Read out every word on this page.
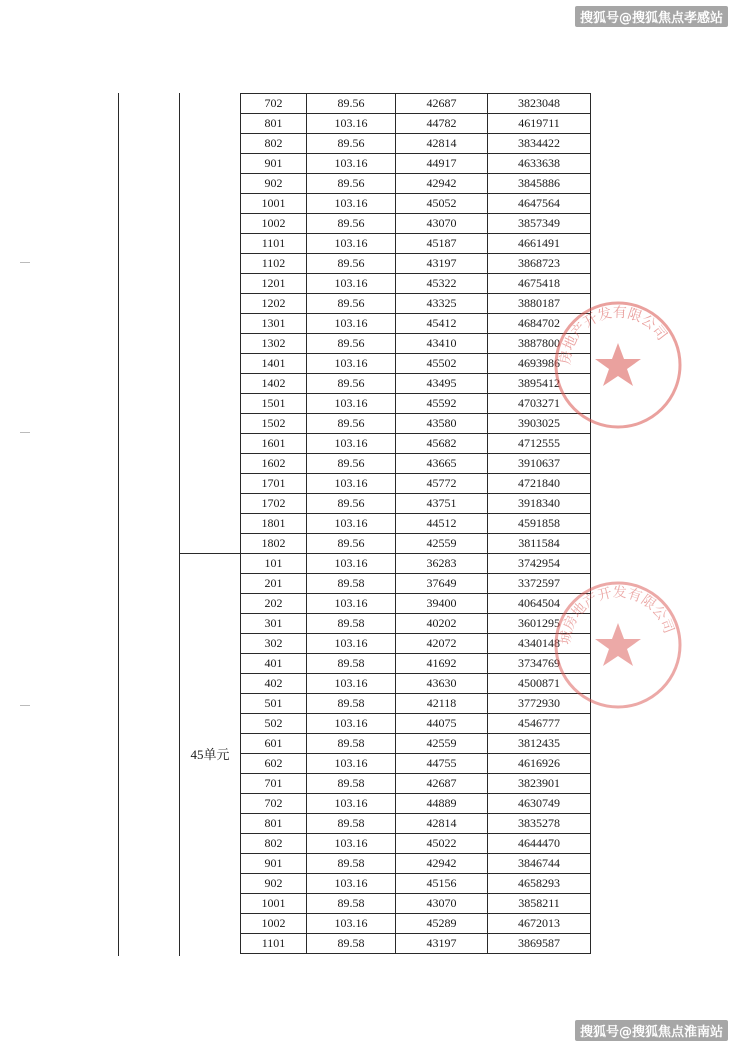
搜狐号@搜狐焦点孝感站
45单元
702	89.56	42687	3823048
801	103.16	44782	4619711
802	89.56	42814	3834422
901	103.16	44917	4633638
902	89.56	42942	3845886
1001	103.16	45052	4647564
1002	89.56	43070	3857349
1101	103.16	45187	4661491
1102	89.56	43197	3868723
1201	103.16	45322	4675418
1202	89.56	43325	3880187
1301	103.16	45412	4684702
1302	89.56	43410	3887800
1401	103.16	45502	4693986
1402	89.56	43495	3895412
1501	103.16	45592	4703271
1502	89.56	43580	3903025
1601	103.16	45682	4712555
1602	89.56	43665	3910637
1701	103.16	45772	4721840
1702	89.56	43751	3918340
1801	103.16	44512	4591858
1802	89.56	42559	3811584
101	103.16	36283	3742954
201	89.58	37649	3372597
202	103.16	39400	4064504
301	89.58	40202	3601295
302	103.16	42072	4340148
401	89.58	41692	3734769
402	103.16	43630	4500871
501	89.58	42118	3772930
502	103.16	44075	4546777
601	89.58	42559	3812435
602	103.16	44755	4616926
701	89.58	42687	3823901
702	103.16	44889	4630749
801	89.58	42814	3835278
802	103.16	45022	4644470
901	89.58	42942	3846744
902	103.16	45156	4658293
1001	89.58	43070	3858211
1002	103.16	45289	4672013
1101	89.58	43197	3869587
房地产开发有限公司
城房地产开发有限公司
搜狐号@搜狐焦点淮南站
